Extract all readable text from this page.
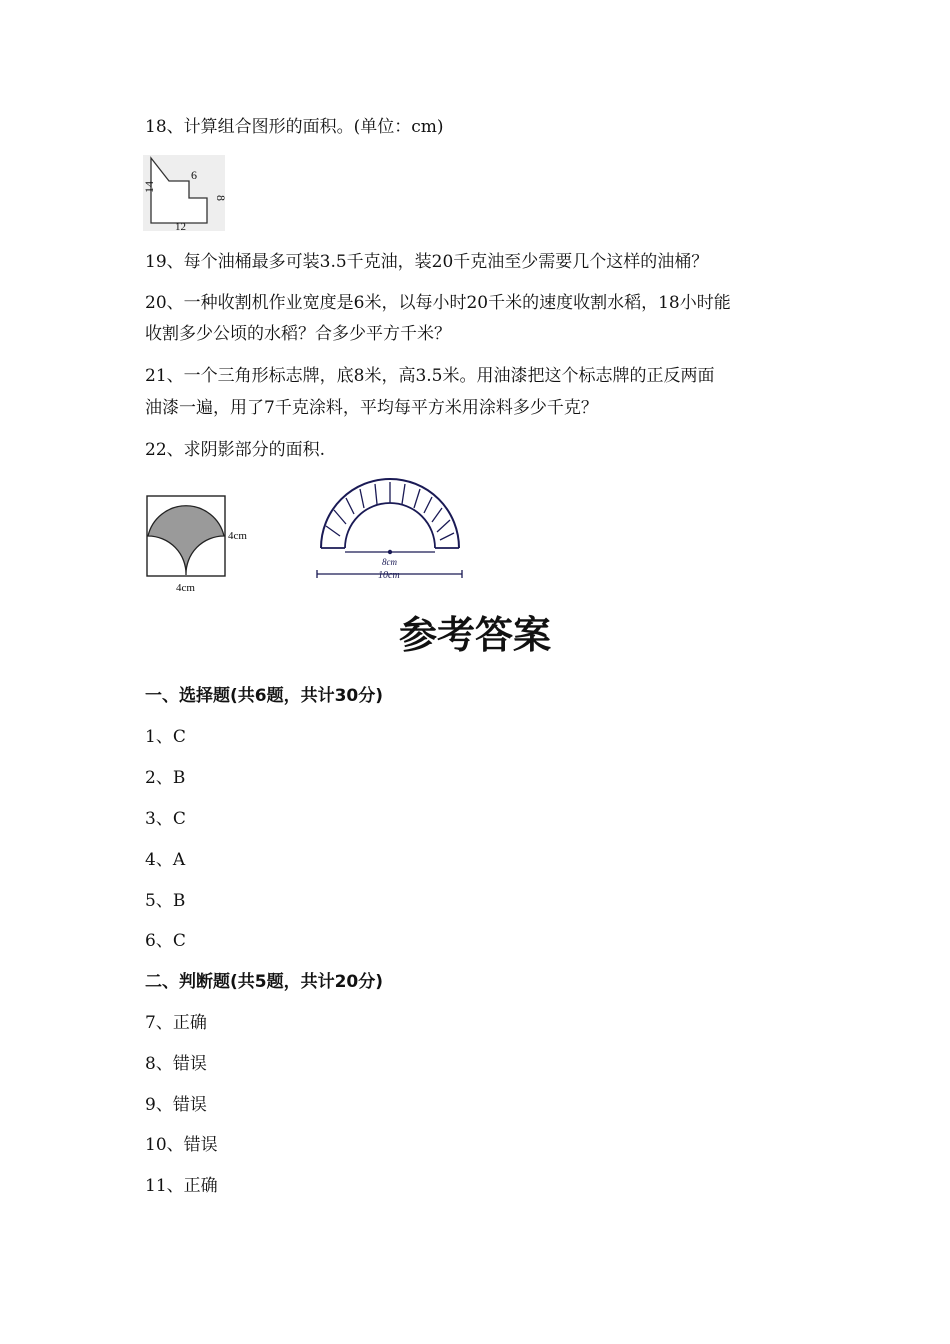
18、计算组合图形的面积。(单位：cm)

6
14
8
12

19、每个油桶最多可装3.5千克油，装20千克油至少需要几个这样的油桶？

20、一种收割机作业宽度是6米，以每小时20千米的速度收割水稻，18小时能

收割多少公顷的水稻？合多少平方千米？

21、一个三角形标志牌，底8米，高3.5米。用油漆把这个标志牌的正反两面

油漆一遍，用了7千克涂料，平均每平方米用涂料多少千克？

22、求阴影部分的面积.

4cm
4cm
8cm
10cm
参考答案

一、选择题(共6题，共计30分)

1、C

2、B

3、C

4、A

5、B

6、C

二、判断题(共5题，共计20分)

7、正确

8、错误

9、错误

10、错误

11、正确
